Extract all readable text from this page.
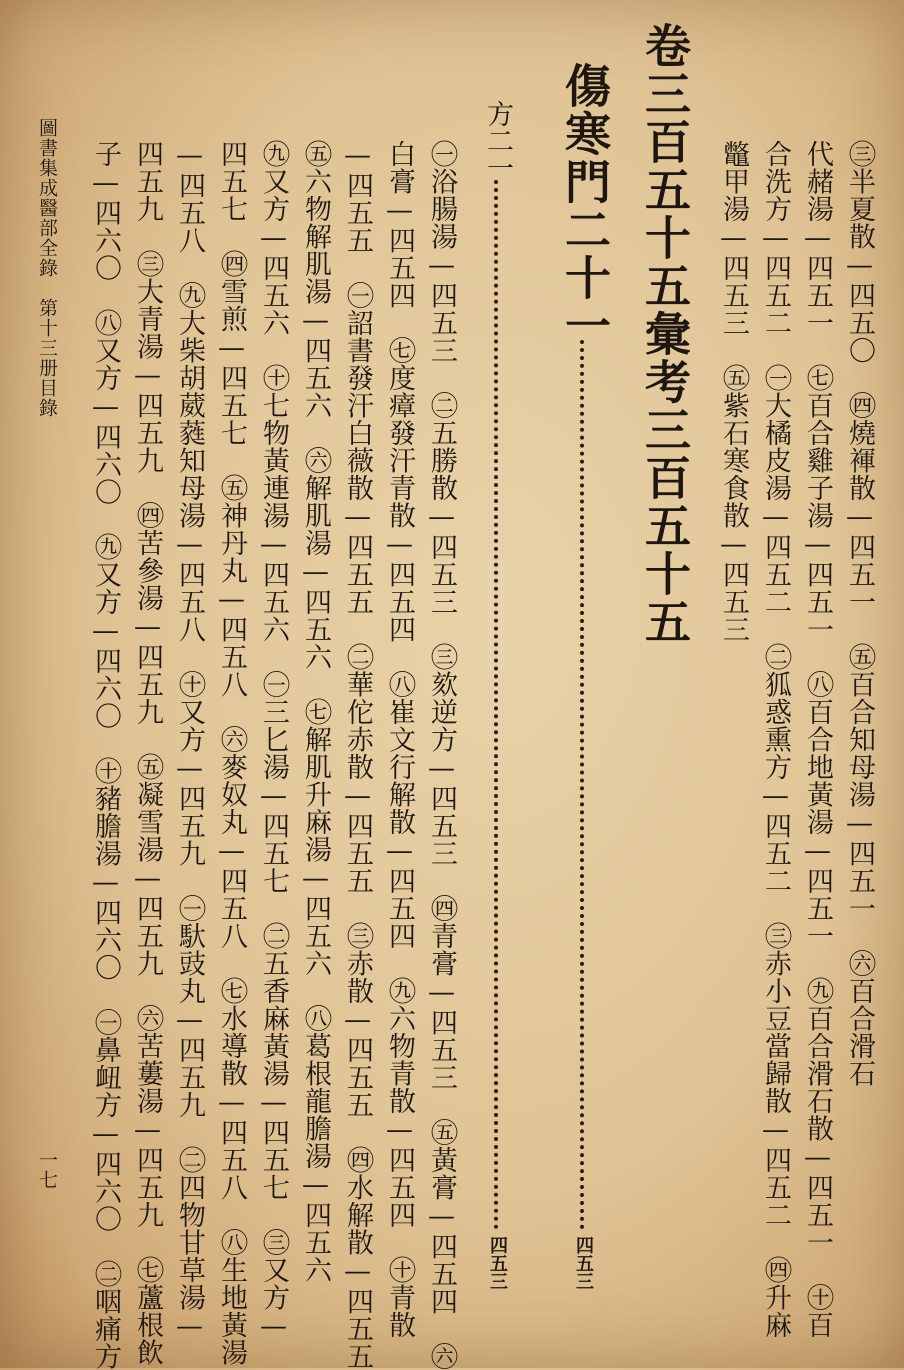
卷三百五十五彙考三百五十五
傷寒門二十一
四五三
方二一
四五三
㊂半夏散—四五〇　㊃燒褌散—四五一　㊄百合知母湯—四五一　㊅百合滑石
代赭湯—四五一　㊆百合雞子湯—四五一　㊇百合地黃湯—四五一　㊈百合滑石散—四五一　㊉百
合洗方—四五二　㊀大橘皮湯—四五二　㊁狐惑熏方—四五二　㊂赤小豆當歸散—四五二　㊃升麻
鼈甲湯—四五三　㊄紫石寒食散—四五三
㊀浴腸湯—四五三　㊁五勝散—四五三　㊂欬逆方—四五三　㊃青膏—四五三　㊄黃膏—四五四　㊅
白膏—四五四　㊆度瘴發汗青散—四五四　㊇崔文行解散—四五四　㊈六物青散—四五四　㊉青散
—四五五　㊀詔書發汗白薇散—四五五　㊁華佗赤散—四五五　㊂赤散—四五五　㊃水解散—四五五
㊄六物解肌湯—四五六　㊅解肌湯—四五六　㊆解肌升麻湯—四五六　㊇葛根龍膽湯—四五六
㊈又方—四五六　㊉七物黃連湯—四五六　㊀三匕湯—四五七　㊁五香麻黃湯—四五七　㊂又方—
四五七　㊃雪煎—四五七　㊄神丹丸—四五八　㊅麥奴丸—四五八　㊆水導散—四五八　㊇生地黃湯
—四五八　㊈大柴胡葳蕤知母湯—四五八　㊉又方—四五九　㊀馱豉丸—四五九　㊁四物甘草湯—
四五九　㊂大青湯—四五九　㊃苦參湯—四五九　㊄凝雪湯—四五九　㊅苦蔞湯—四五九　㊆蘆根飲
子—四六〇　㊇又方—四六〇　㊈又方—四六〇　㊉豬膽湯—四六〇　㊀鼻衄方—四六〇　㊁咽痛方
圖書集成醫部全錄　第十三册目錄
一七
